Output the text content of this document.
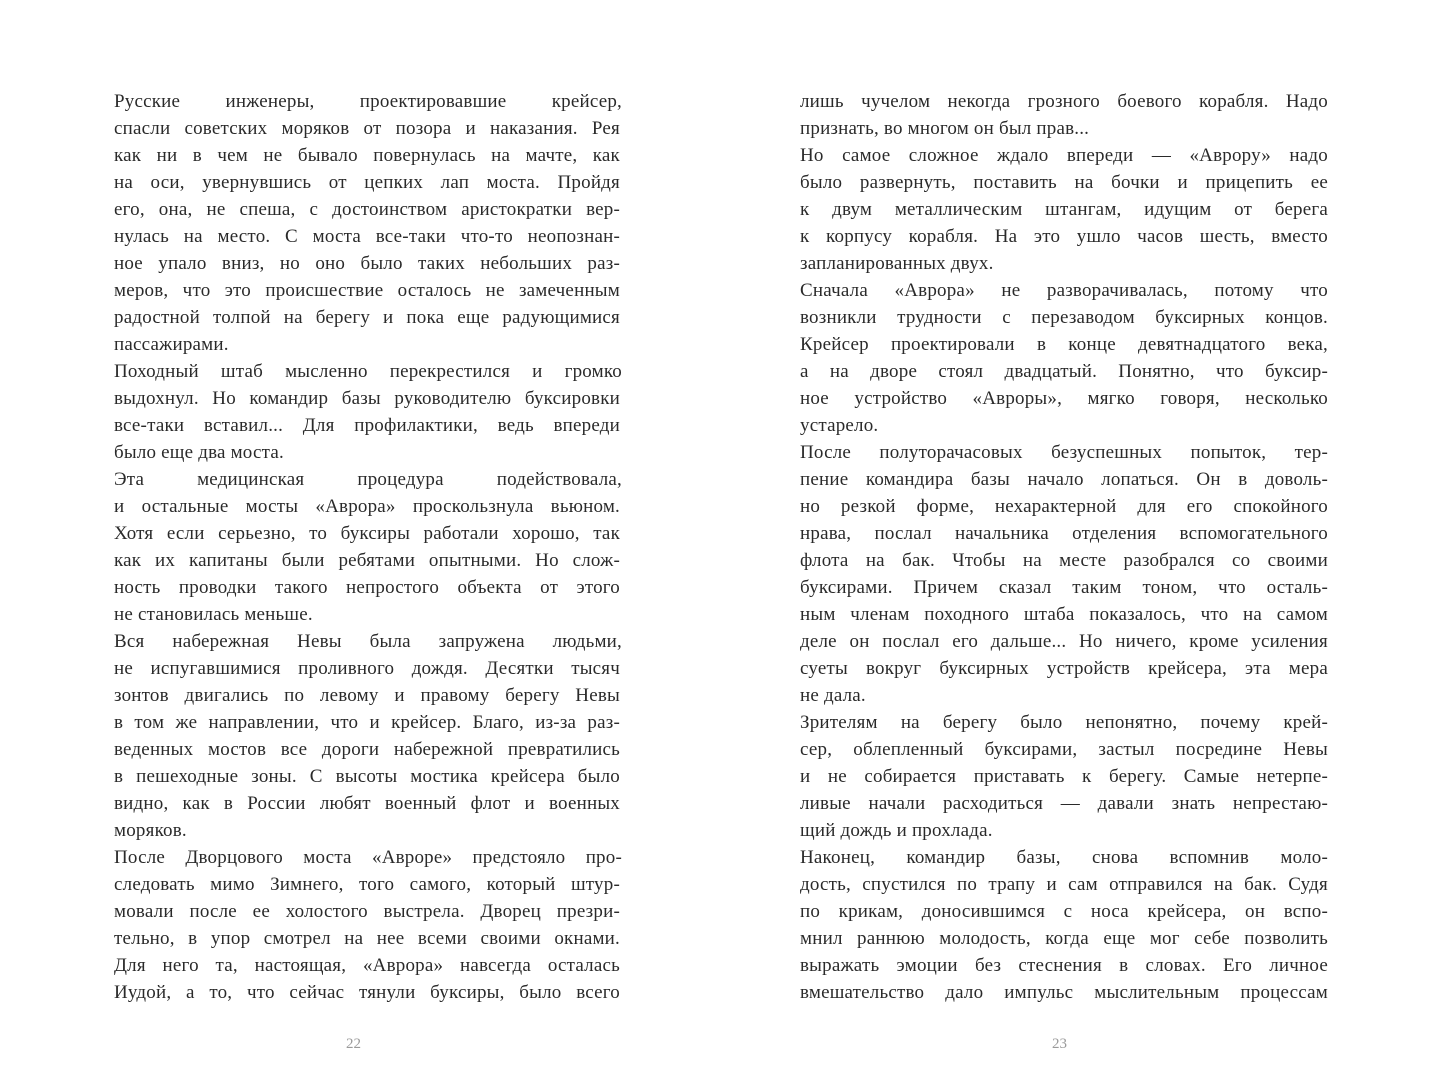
Русские инженеры, проектировавшие крейсер,
спасли советских моряков от позора и наказания. Рея
как ни в чем не бывало повернулась на мачте, как
на оси, увернувшись от цепких лап моста. Пройдя
его, она, не спеша, с достоинством аристократки вер-
нулась на место. С моста все-таки что-то неопознан-
ное упало вниз, но оно было таких небольших раз-
меров, что это происшествие осталось не замеченным
радостной толпой на берегу и пока еще радующимися
пассажирами.
Походный штаб мысленно перекрестился и громко
выдохнул. Но командир базы руководителю буксировки
все-таки вставил... Для профилактики, ведь впереди
было еще два моста.
Эта медицинская процедура подействовала,
и остальные мосты «Аврора» проскользнула вьюном.
Хотя если серьезно, то буксиры работали хорошо, так
как их капитаны были ребятами опытными. Но слож-
ность проводки такого непростого объекта от этого
не становилась меньше.
Вся набережная Невы была запружена людьми,
не испугавшимися проливного дождя. Десятки тысяч
зонтов двигались по левому и правому берегу Невы
в том же направлении, что и крейсер. Благо, из-за раз-
веденных мостов все дороги набережной превратились
в пешеходные зоны. С высоты мостика крейсера было
видно, как в России любят военный флот и военных
моряков.
После Дворцового моста «Авроре» предстояло про-
следовать мимо Зимнего, того самого, который штур-
мовали после ее холостого выстрела. Дворец презри-
тельно, в упор смотрел на нее всеми своими окнами.
Для него та, настоящая, «Аврора» навсегда осталась
Иудой, а то, что сейчас тянули буксиры, было всего
лишь чучелом некогда грозного боевого корабля. Надо
признать, во многом он был прав...
Но самое сложное ждало впереди — «Аврору» надо
было развернуть, поставить на бочки и прицепить ее
к двум металлическим штангам, идущим от берега
к корпусу корабля. На это ушло часов шесть, вместо
запланированных двух.
Сначала «Аврора» не разворачивалась, потому что
возникли трудности с перезаводом буксирных концов.
Крейсер проектировали в конце девятнадцатого века,
а на дворе стоял двадцатый. Понятно, что буксир-
ное устройство «Авроры», мягко говоря, несколько
устарело.
После полуторачасовых безуспешных попыток, тер-
пение командира базы начало лопаться. Он в доволь-
но резкой форме, нехарактерной для его спокойного
нрава, послал начальника отделения вспомогательного
флота на бак. Чтобы на месте разобрался со своими
буксирами. Причем сказал таким тоном, что осталь-
ным членам походного штаба показалось, что на самом
деле он послал его дальше... Но ничего, кроме усиления
суеты вокруг буксирных устройств крейсера, эта мера
не дала.
Зрителям на берегу было непонятно, почему крей-
сер, облепленный буксирами, застыл посредине Невы
и не собирается приставать к берегу. Самые нетерпе-
ливые начали расходиться — давали знать непрестаю-
щий дождь и прохлада.
Наконец, командир базы, снова вспомнив моло-
дость, спустился по трапу и сам отправился на бак. Судя
по крикам, доносившимся с носа крейсера, он вспо-
мнил раннюю молодость, когда еще мог себе позволить
выражать эмоции без стеснения в словах. Его личное
вмешательство дало импульс мыслительным процессам
22	23
